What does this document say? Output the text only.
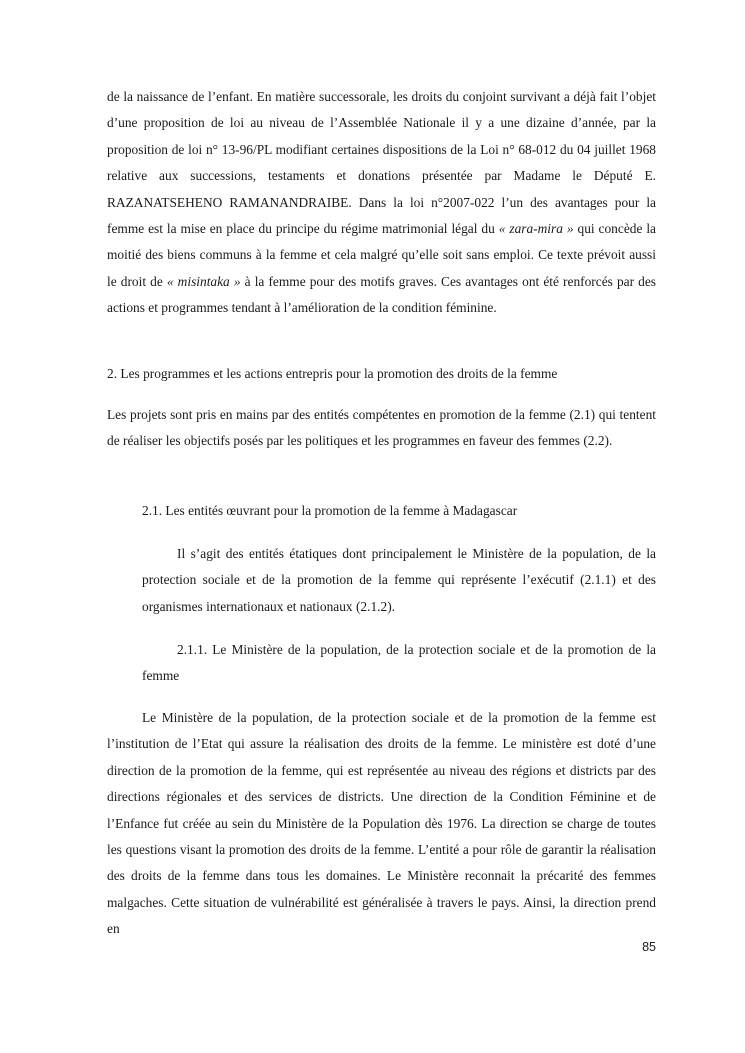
de la naissance de l’enfant. En matière successorale, les droits du conjoint survivant a déjà fait l’objet d’une proposition de loi au niveau de l’Assemblée Nationale il y a une dizaine d’année, par la proposition de loi n° 13-96/PL modifiant certaines dispositions de la Loi n° 68-012 du 04 juillet 1968 relative aux successions, testaments et donations présentée par Madame le Député E. RAZANATSEHENO RAMANANDRAIBE. Dans la loi n°2007-022 l’un des avantages pour la femme est la mise en place du principe du régime matrimonial légal du « zara-mira » qui concède la moitié des biens communs à la femme et cela malgré qu’elle soit sans emploi. Ce texte prévoit aussi le droit de « misintaka » à la femme pour des motifs graves. Ces avantages ont été renforcés par des actions et programmes tendant à l’amélioration de la condition féminine.

2. Les programmes et les actions entrepris pour la promotion des droits de la femme

Les projets sont pris en mains par des entités compétentes en promotion de la femme (2.1) qui tentent de réaliser les objectifs posés par les politiques et les programmes en faveur des femmes (2.2).

2.1. Les entités œuvrant pour la promotion de la femme à Madagascar

Il s’agit des entités étatiques dont principalement le Ministère de la population, de la protection sociale et de la promotion de la femme qui représente l’exécutif (2.1.1) et des organismes internationaux et nationaux (2.1.2).

2.1.1. Le Ministère de la population, de la protection sociale et de la promotion de la femme

Le Ministère de la population, de la protection sociale et de la promotion de la femme est l’institution de l’Etat qui assure la réalisation des droits de la femme. Le ministère est doté d’une direction de la promotion de la femme, qui est représentée au niveau des régions et districts par des directions régionales et des services de districts. Une direction de la Condition Féminine et de l’Enfance fut créée au sein du Ministère de la Population dès 1976. La direction se charge de toutes les questions visant la promotion des droits de la femme. L’entité a pour rôle de garantir la réalisation des droits de la femme dans tous les domaines. Le Ministère reconnait la précarité des femmes malgaches. Cette situation de vulnérabilité est généralisée à travers le pays. Ainsi, la direction prend en

85
